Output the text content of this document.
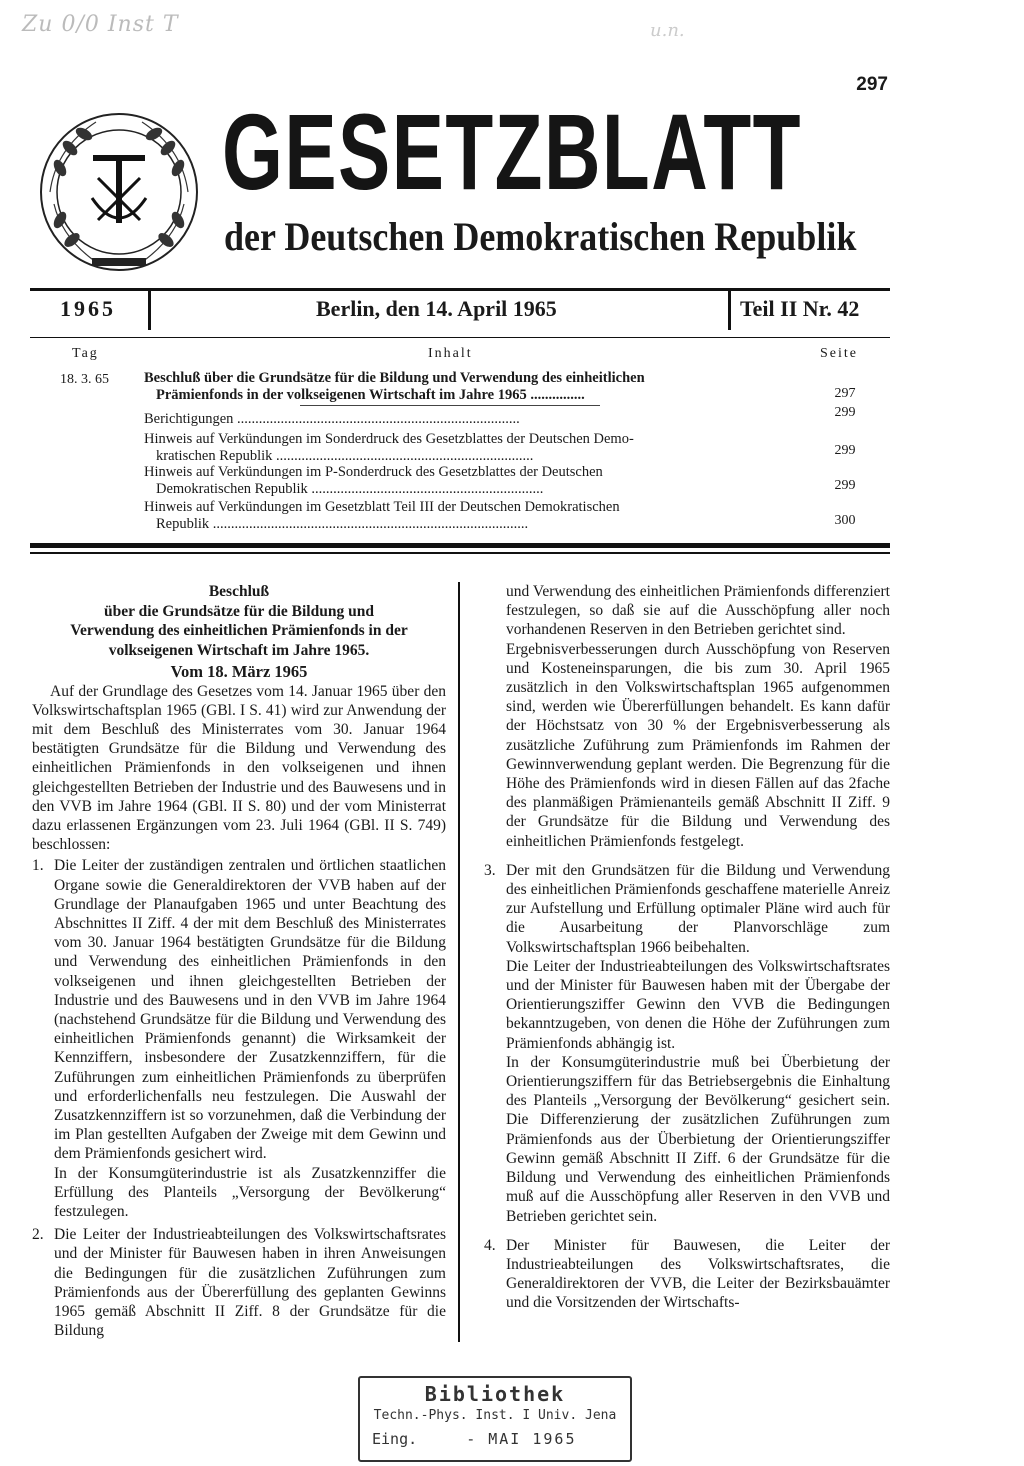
Zu 0/0 Inst T	u.n.
297
GESETZBLATT
der Deutschen Demokratischen Republik
1965	Berlin, den 14. April 1965	Teil II Nr. 42
Tag	Inhalt	Seite
18. 3. 65 Beschluß über die Grundsätze für die Bildung und Verwendung des einheitlichen
Prämienfonds in der volkseigenen Wirtschaft im Jahre 1965 ...............	297
Berichtigungen ..............................................................................	299
Hinweis auf Verkündungen im Sonderdruck des Gesetzblattes der Deutschen Demo-
kratischen Republik .......................................................................	299
Hinweis auf Verkündungen im P-Sonderdruck des Gesetzblattes der Deutschen
Demokratischen Republik ................................................................	299
Hinweis auf Verkündungen im Gesetzblatt Teil III der Deutschen Demokratischen
Republik .......................................................................................	300
Beschluß
über die Grundsätze für die Bildung und
Verwendung des einheitlichen Prämienfonds in der
volkseigenen Wirtschaft im Jahre 1965.
Vom 18. März 1965

Auf der Grundlage des Gesetzes vom 14. Januar 1965 über den Volkswirtschaftsplan 1965 (GBl. I S. 41) wird zur Anwendung der mit dem Beschluß des Ministerrates vom 30. Januar 1964 bestätigten Grundsätze für die Bildung und Verwendung des einheitlichen Prämienfonds in den volkseigenen und ihnen gleichgestellten Betrieben der Industrie und des Bauwesens und in den VVB im Jahre 1964 (GBl. II S. 80) und der vom Ministerrat dazu erlassenen Ergänzungen vom 23. Juli 1964 (GBl. II S. 749) beschlossen:

1. Die Leiter der zuständigen zentralen und örtlichen staatlichen Organe sowie die Generaldirektoren der VVB haben auf der Grundlage der Planaufgaben 1965 und unter Beachtung des Abschnittes II Ziff. 4 der mit dem Beschluß des Ministerrates vom 30. Januar 1964 bestätigten Grundsätze für die Bildung und Verwendung des einheitlichen Prämienfonds in den volkseigenen und ihnen gleichgestellten Betrieben der Industrie und des Bauwesens und in den VVB im Jahre 1964 (nachstehend Grundsätze für die Bildung und Verwendung des einheitlichen Prämienfonds genannt) die Wirksamkeit der Kennziffern, insbesondere der Zusatzkennziffern, für die Zuführungen zum einheitlichen Prämienfonds zu überprüfen und erforderlichenfalls neu festzulegen. Die Auswahl der Zusatzkennziffern ist so vorzunehmen, daß die Verbindung der im Plan gestellten Aufgaben der Zweige mit dem Gewinn und dem Prämienfonds gesichert wird.

In der Konsumgüterindustrie ist als Zusatzkennziffer die Erfüllung des Planteils „Versorgung der Bevölkerung“ festzulegen.

2. Die Leiter der Industrieabteilungen des Volkswirtschaftsrates und der Minister für Bauwesen haben in ihren Anweisungen die Bedingungen für die zusätzlichen Zuführungen zum Prämienfonds aus der Übererfüllung des geplanten Gewinns 1965 gemäß Abschnitt II Ziff. 8 der Grundsätze für die Bildung

und Verwendung des einheitlichen Prämienfonds differenziert festzulegen, so daß sie auf die Ausschöpfung aller noch vorhandenen Reserven in den Betrieben gerichtet sind.

Ergebnisverbesserungen durch Ausschöpfung von Reserven und Kosteneinsparungen, die bis zum 30. April 1965 zusätzlich in den Volkswirtschaftsplan 1965 aufgenommen sind, werden wie Übererfüllungen behandelt. Es kann dafür der Höchstsatz von 30 % der Ergebnisverbesserung als zusätzliche Zuführung zum Prämienfonds im Rahmen der Gewinnverwendung geplant werden. Die Begrenzung für die Höhe des Prämienfonds wird in diesen Fällen auf das 2fache des planmäßigen Prämienanteils gemäß Abschnitt II Ziff. 9 der Grundsätze für die Bildung und Verwendung des einheitlichen Prämienfonds festgelegt.

3. Der mit den Grundsätzen für die Bildung und Verwendung des einheitlichen Prämienfonds geschaffene materielle Anreiz zur Aufstellung und Erfüllung optimaler Pläne wird auch für die Ausarbeitung der Planvorschläge zum Volkswirtschaftsplan 1966 beibehalten.

Die Leiter der Industrieabteilungen des Volkswirtschaftsrates und der Minister für Bauwesen haben mit der Übergabe der Orientierungsziffer Gewinn den VVB die Bedingungen bekanntzugeben, von denen die Höhe der Zuführungen zum Prämienfonds abhängig ist.

In der Konsumgüterindustrie muß bei Überbietung der Orientierungsziffern für das Betriebsergebnis die Einhaltung des Planteils „Versorgung der Bevölkerung“ gesichert sein. Die Differenzierung der zusätzlichen Zuführungen zum Prämienfonds aus der Überbietung der Orientierungsziffer Gewinn gemäß Abschnitt II Ziff. 6 der Grundsätze für die Bildung und Verwendung des einheitlichen Prämienfonds muß auf die Ausschöpfung aller Reserven in den VVB und Betrieben gerichtet sein.

4. Der Minister für Bauwesen, die Leiter der Industrieabteilungen des Volkswirtschaftsrates, die Generaldirektoren der VVB, die Leiter der Bezirksbauämter und die Vorsitzenden der Wirtschafts-

Bibliothek
Techn.-Phys. Inst. I Univ. Jena
Eing.	- MAI 1965
